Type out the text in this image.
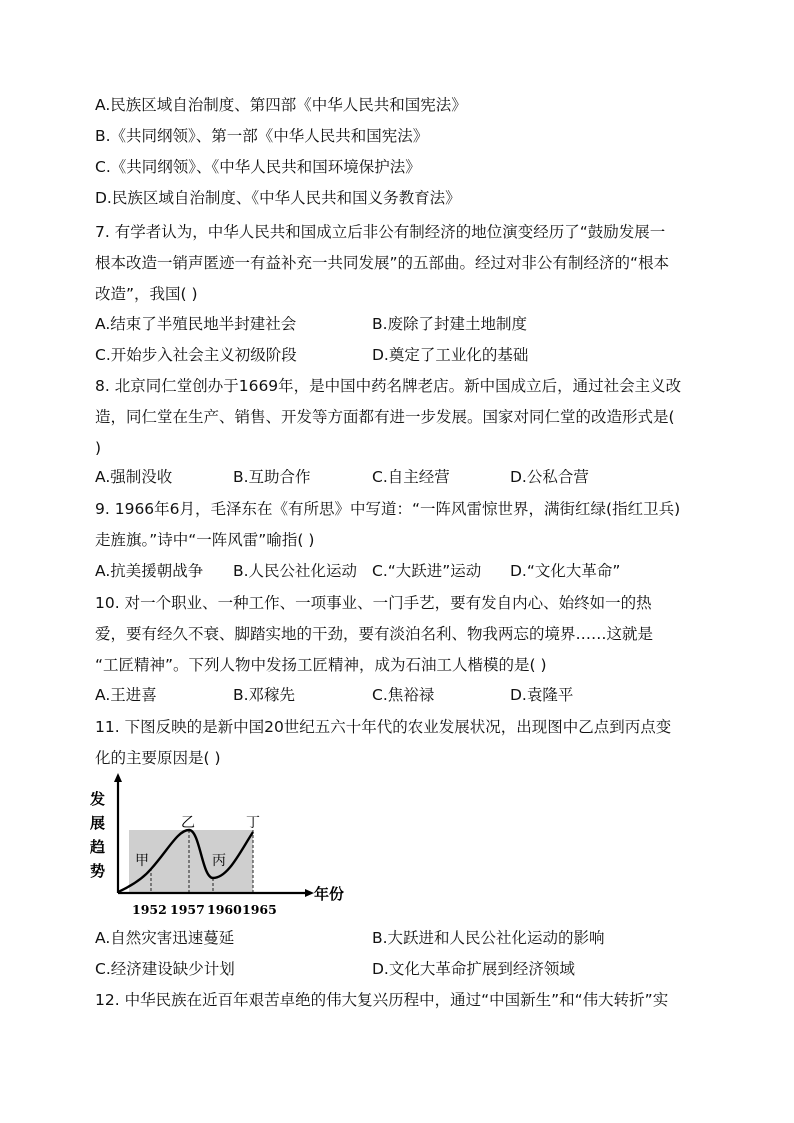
A.民族区域自治制度、第四部《中华人民共和国宪法》
B.《共同纲领》、第一部《中华人民共和国宪法》
C.《共同纲领》、《中华人民共和国环境保护法》
D.民族区域自治制度、《中华人民共和国义务教育法》
7. 有学者认为，中华人民共和国成立后非公有制经济的地位演变经历了“鼓励发展一
根本改造一销声匿迹一有益补充一共同发展”的五部曲。经过对非公有制经济的“根本
改造”，我国( )
A.结束了半殖民地半封建社会	B.废除了封建土地制度
C.开始步入社会主义初级阶段	D.奠定了工业化的基础
8. 北京同仁堂创办于1669年，是中国中药名牌老店。新中国成立后，通过社会主义改
造，同仁堂在生产、销售、开发等方面都有进一步发展。国家对同仁堂的改造形式是(
)
A.强制没收	B.互助合作	C.自主经营	D.公私合营
9. 1966年6月，毛泽东在《有所思》中写道：“一阵风雷惊世界，满街红绿(指红卫兵)
走旌旗。”诗中“一阵风雷”喻指( )
A.抗美援朝战争 B.人民公社化运动 C.“大跃进”运动 D.“文化大革命”
10. 对一个职业、一种工作、一项事业、一门手艺，要有发自内心、始终如一的热
爱，要有经久不衰、脚踏实地的干劲，要有淡泊名利、物我两忘的境界……这就是
“工匠精神”。下列人物中发扬工匠精神，成为石油工人楷模的是( )
A.王进喜	B.邓稼先	C.焦裕禄	D.袁隆平
11. 下图反映的是新中国20世纪五六十年代的农业发展状况，出现图中乙点到丙点变
化的主要原因是( )
发
展
趋
势
甲
乙
丙
丁
年份
1952 1957 1960 1965
A.自然灾害迅速蔓延	B.大跃进和人民公社化运动的影响
C.经济建设缺少计划	D.文化大革命扩展到经济领域
12. 中华民族在近百年艰苦卓绝的伟大复兴历程中，通过“中国新生”和“伟大转折”实
